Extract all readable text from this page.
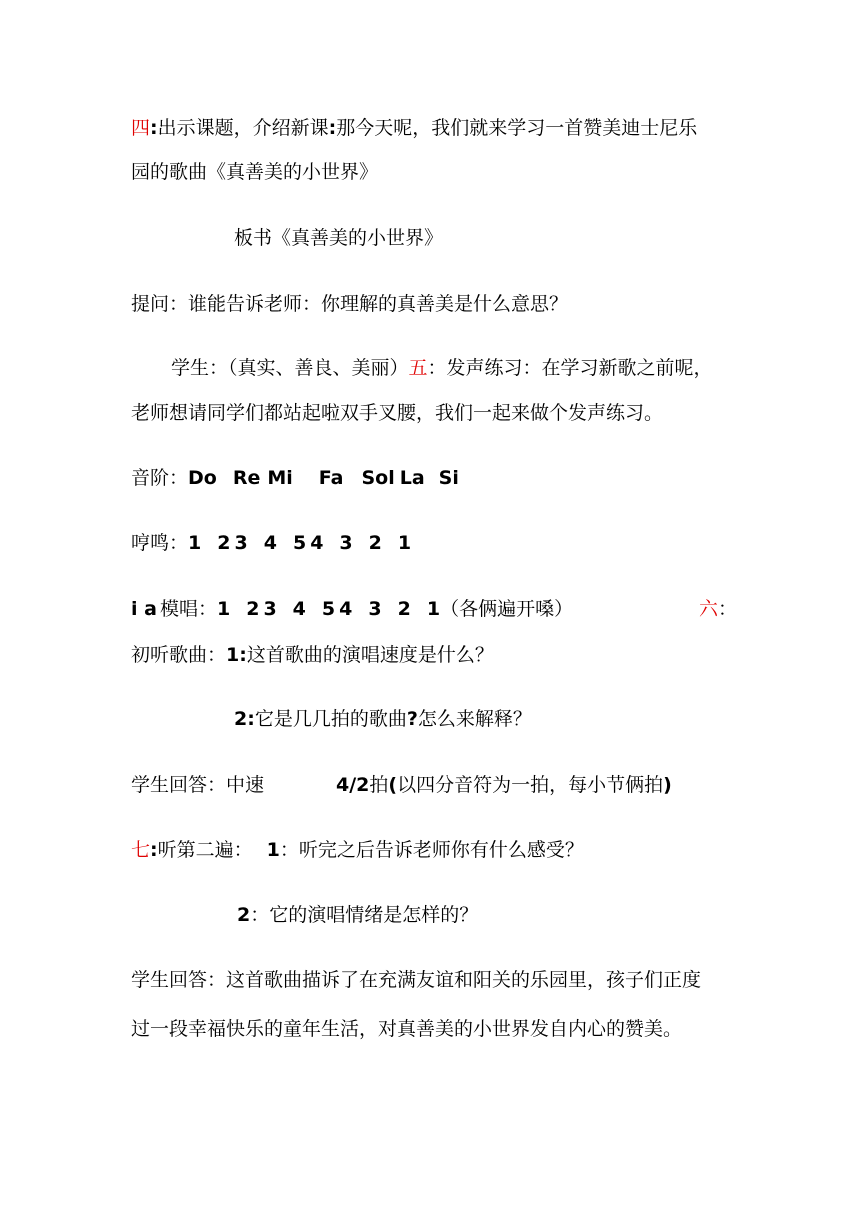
四:出示课题，介绍新课:那今天呢，我们就来学习一首赞美迪士尼乐
园的歌曲《真善美的小世界》
板书《真善美的小世界》
提问：谁能告诉老师：你理解的真善美是什么意思？
学生：（真实、善良、美丽）五：发声练习：在学习新歌之前呢，
老师想请同学们都站起啦双手叉腰，我们一起来做个发声练习。
音阶：Do Re Mi Fa Sol La Si
哼鸣：1 2 3 4 5 4 3 2 1
i a 模唱：1 2 3 4 5 4 3 2 1（各俩遍开嗓）	六：
初听歌曲：1:这首歌曲的演唱速度是什么？
2:它是几几拍的歌曲?怎么来解释？
学生回答：中速	4/2拍(以四分音符为一拍，每小节俩拍)
七:听第二遍： 1：听完之后告诉老师你有什么感受？
2：它的演唱情绪是怎样的？
学生回答：这首歌曲描诉了在充满友谊和阳关的乐园里，孩子们正度
过一段幸福快乐的童年生活，对真善美的小世界发自内心的赞美。
